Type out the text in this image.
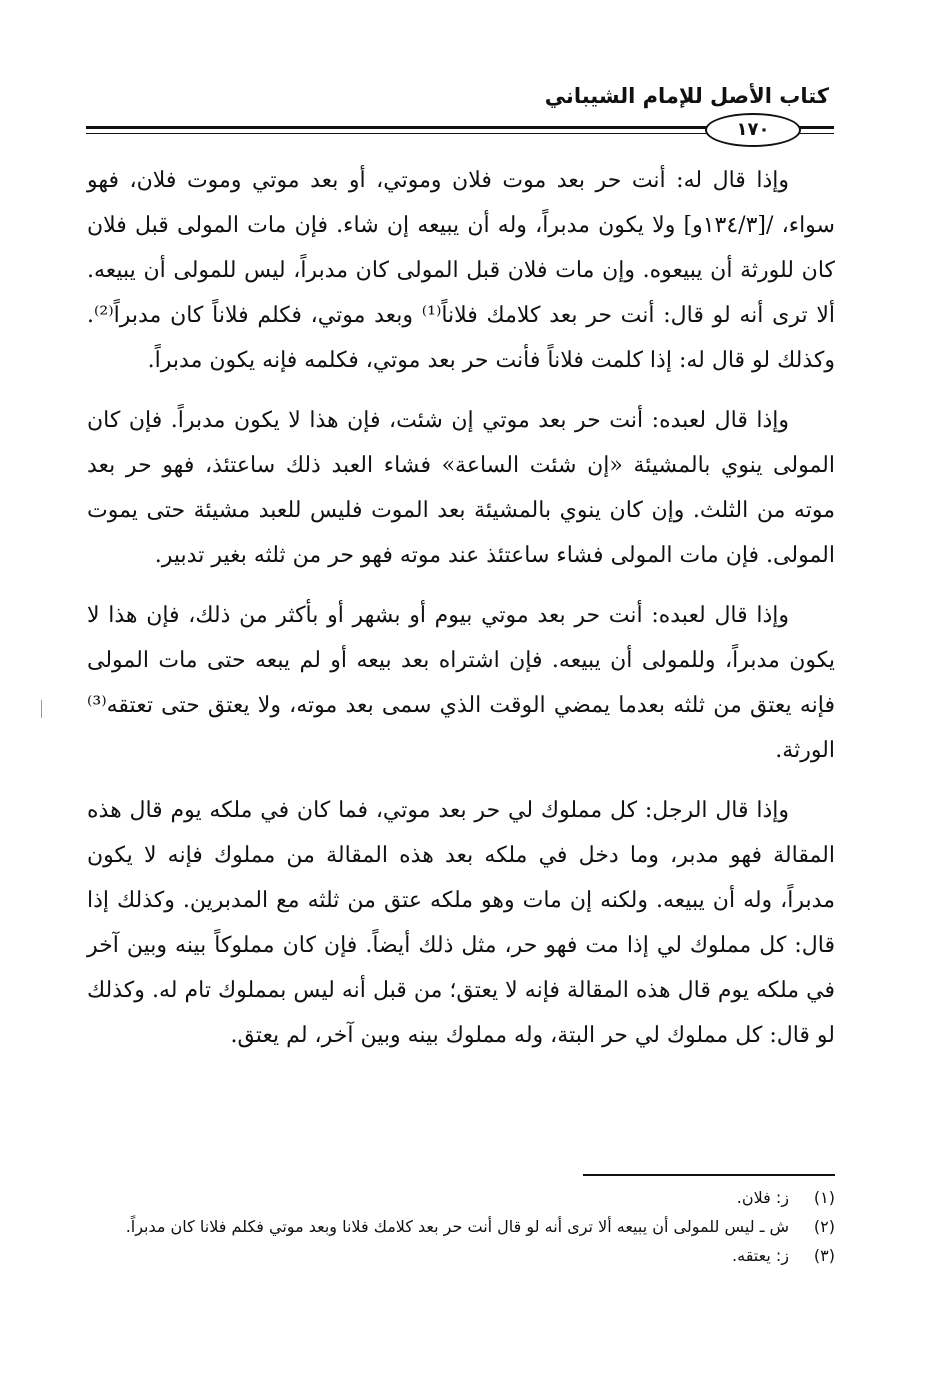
كتاب الأصل للإمام الشيباني
١٧٠

وإذا قال له: أنت حر بعد موت فلان وموتي، أو بعد موتي وموت فلان، فهو سواء، /[١٣٤/٣و] ولا يكون مدبراً، وله أن يبيعه إن شاء. فإن مات المولى قبل فلان كان للورثة أن يبيعوه. وإن مات فلان قبل المولى كان مدبراً، ليس للمولى أن يبيعه. ألا ترى أنه لو قال: أنت حر بعد كلامك فلاناً⁽¹⁾ وبعد موتي، فكلم فلاناً كان مدبراً⁽²⁾. وكذلك لو قال له: إذا كلمت فلاناً فأنت حر بعد موتي، فكلمه فإنه يكون مدبراً.

وإذا قال لعبده: أنت حر بعد موتي إن شئت، فإن هذا لا يكون مدبراً. فإن كان المولى ينوي بالمشيئة «إن شئت الساعة» فشاء العبد ذلك ساعتئذ، فهو حر بعد موته من الثلث. وإن كان ينوي بالمشيئة بعد الموت فليس للعبد مشيئة حتى يموت المولى. فإن مات المولى فشاء ساعتئذ عند موته فهو حر من ثلثه بغير تدبير.

وإذا قال لعبده: أنت حر بعد موتي بيوم أو بشهر أو بأكثر من ذلك، فإن هذا لا يكون مدبراً، وللمولى أن يبيعه. فإن اشتراه بعد بيعه أو لم يبعه حتى مات المولى فإنه يعتق من ثلثه بعدما يمضي الوقت الذي سمى بعد موته، ولا يعتق حتى تعتقه⁽³⁾ الورثة.

وإذا قال الرجل: كل مملوك لي حر بعد موتي، فما كان في ملكه يوم قال هذه المقالة فهو مدبر، وما دخل في ملكه بعد هذه المقالة من مملوك فإنه لا يكون مدبراً، وله أن يبيعه. ولكنه إن مات وهو ملكه عتق من ثلثه مع المدبرين. وكذلك إذا قال: كل مملوك لي إذا مت فهو حر، مثل ذلك أيضاً. فإن كان مملوكاً بينه وبين آخر في ملكه يوم قال هذه المقالة فإنه لا يعتق؛ من قبل أنه ليس بمملوك تام له. وكذلك لو قال: كل مملوك لي حر البتة، وله مملوك بينه وبين آخر، لم يعتق.

(١)
ز: فلان.
(٢)
ش ـ ليس للمولى أن يبيعه ألا ترى أنه لو قال أنت حر بعد كلامك فلانا وبعد موتي فكلم فلانا كان مدبراً.
(٣)
ز: يعتقه.
